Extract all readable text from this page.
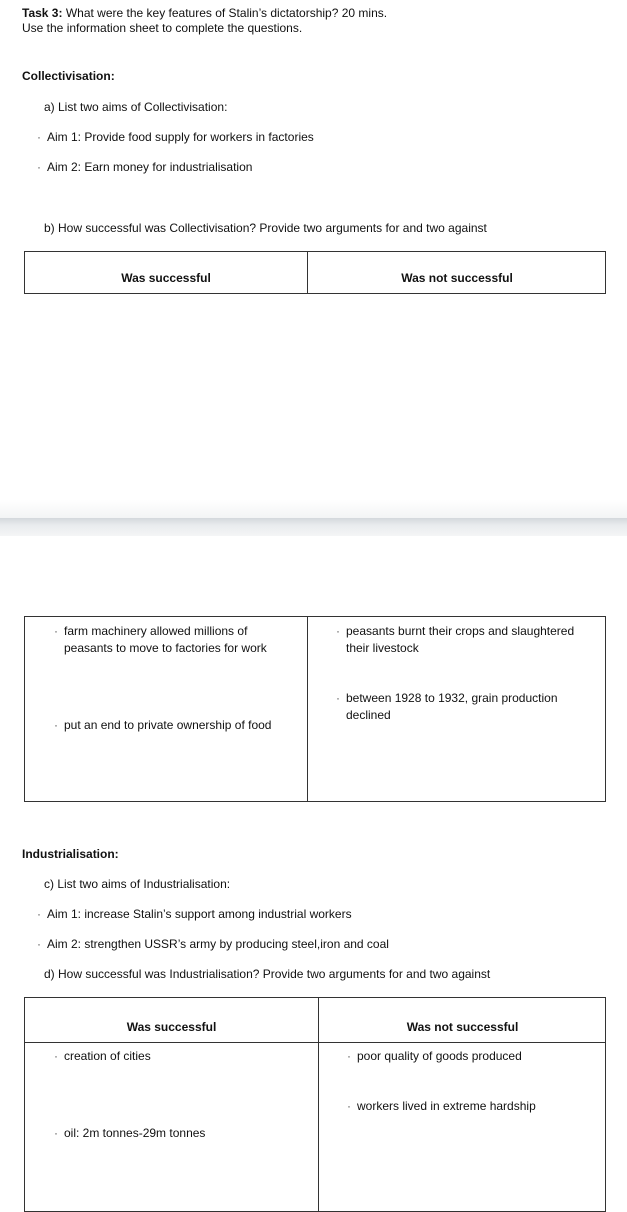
Task 3: What were the key features of Stalin’s dictatorship? 20 mins.
Use the information sheet to complete the questions.
Collectivisation:
a) List two aims of Collectivisation:
· Aim 1: Provide food supply for workers in factories
· Aim 2: Earn money for industrialisation
b) How successful was Collectivisation? Provide two arguments for and two against
Was successful	Was not successful
· farm machinery allowed millions of peasants to move to factories for work
· put an end to private ownership of food
· peasants burnt their crops and slaughtered their livestock
· between 1928 to 1932, grain production declined
Industrialisation:
c) List two aims of Industrialisation:
· Aim 1: increase Stalin’s support among industrial workers
· Aim 2: strengthen USSR’s army by producing steel,iron and coal
d) How successful was Industrialisation? Provide two arguments for and two against
Was successful	Was not successful
· creation of cities
· oil: 2m tonnes-29m tonnes
· poor quality of goods produced
· workers lived in extreme hardship
